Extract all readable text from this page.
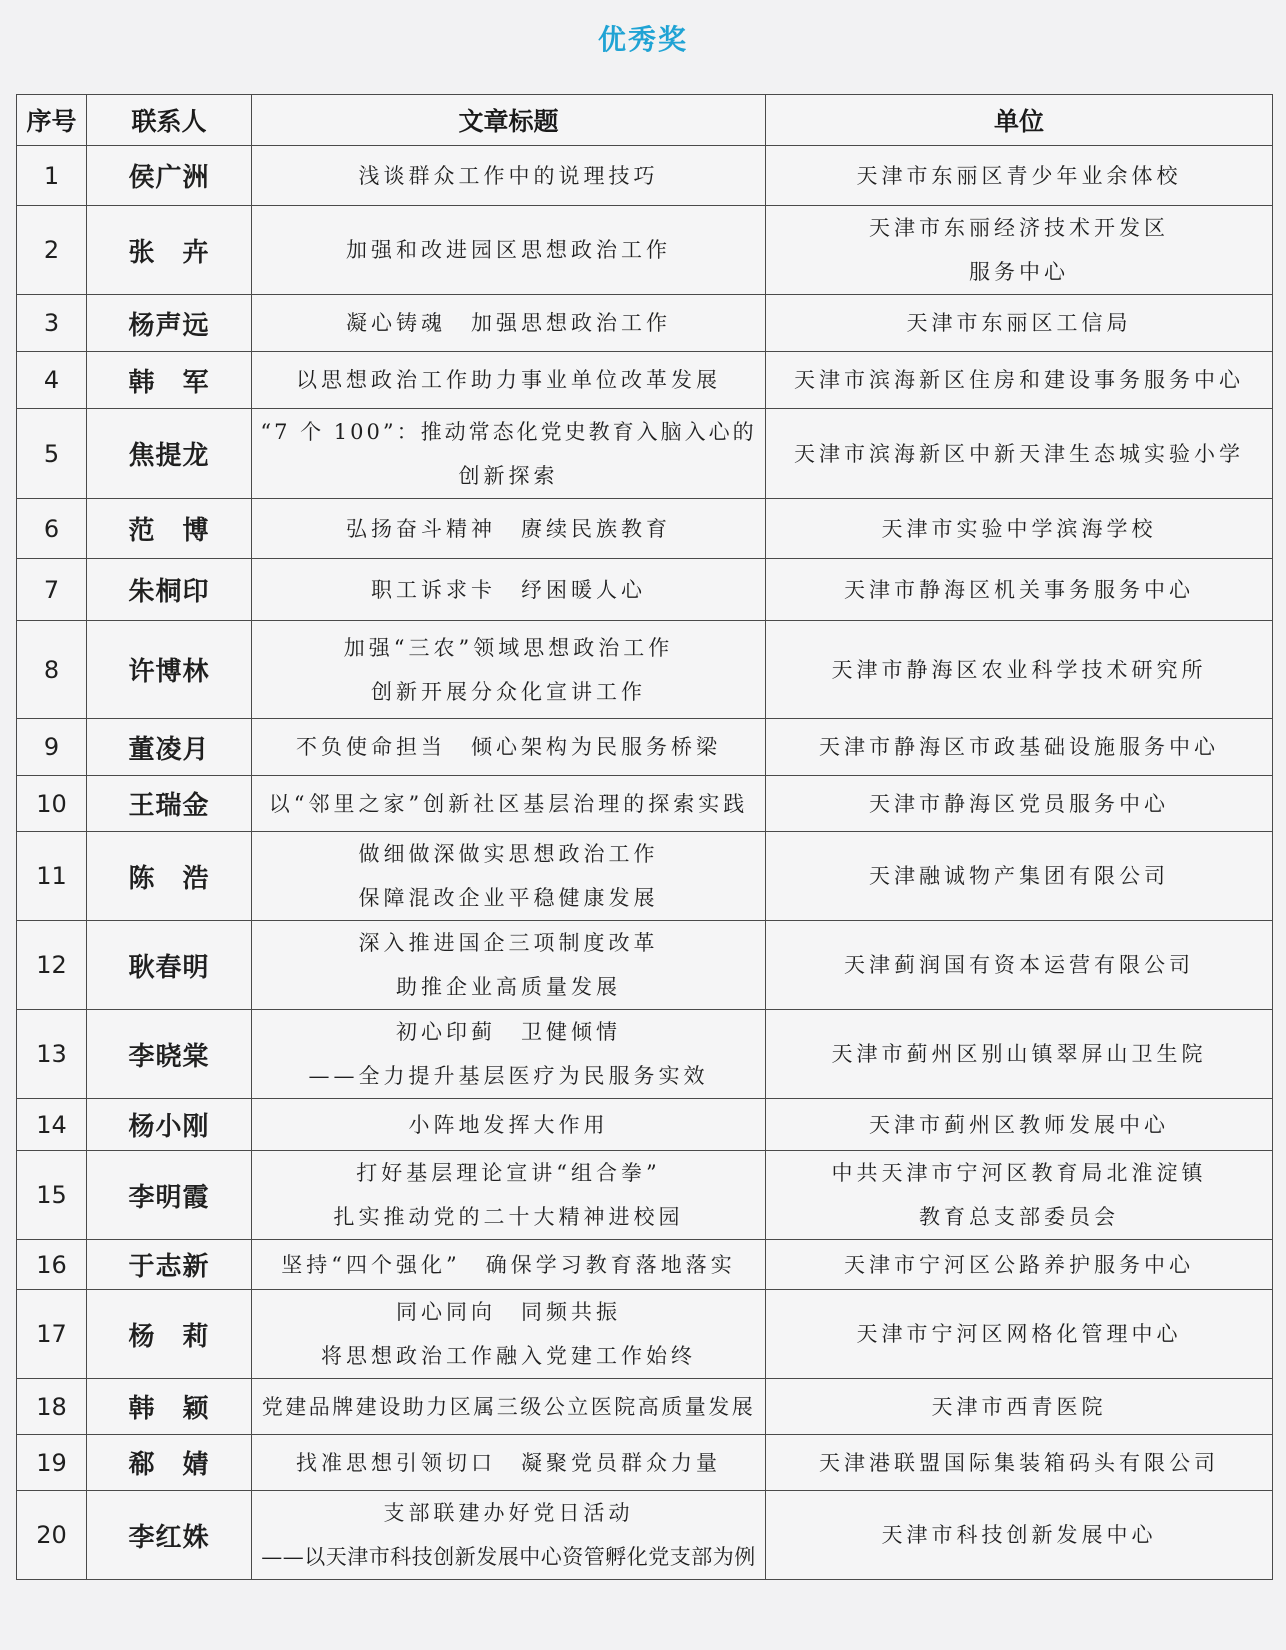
优秀奖
序号	联系人	文章标题	单位
1	侯广洲	浅谈群众工作中的说理技巧	天津市东丽区青少年业余体校

2	张　卉	加强和改进园区思想政治工作	天津市东丽经济技术开发区
服务中心

3	杨声远	凝心铸魂　加强思想政治工作	天津市东丽区工信局

4	韩　军	以思想政治工作助力事业单位改革发展	天津市滨海新区住房和建设事务服务中心

5	焦提龙	“7 个 100”：推动常态化党史教育入脑入心的
创新探索	天津市滨海新区中新天津生态城实验小学

6	范　博	弘扬奋斗精神　赓续民族教育	天津市实验中学滨海学校

7	朱桐印	职工诉求卡　纾困暖人心	天津市静海区机关事务服务中心

8	许博林	加强“三农”领域思想政治工作
创新开展分众化宣讲工作	天津市静海区农业科学技术研究所

9	董凌月	不负使命担当　倾心架构为民服务桥梁	天津市静海区市政基础设施服务中心

10	王瑞金	以“邻里之家”创新社区基层治理的探索实践	天津市静海区党员服务中心

11	陈　浩	做细做深做实思想政治工作
保障混改企业平稳健康发展	天津融诚物产集团有限公司

12	耿春明	深入推进国企三项制度改革
助推企业高质量发展	天津蓟润国有资本运营有限公司

13	李晓棠	初心印蓟　卫健倾情
——全力提升基层医疗为民服务实效	天津市蓟州区别山镇翠屏山卫生院

14	杨小刚	小阵地发挥大作用	天津市蓟州区教师发展中心

15	李明霞	打好基层理论宣讲“组合拳”
扎实推动党的二十大精神进校园	中共天津市宁河区教育局北淮淀镇
教育总支部委员会

16	于志新	坚持“四个强化”　确保学习教育落地落实	天津市宁河区公路养护服务中心

17	杨　莉	同心同向　同频共振
将思想政治工作融入党建工作始终	天津市宁河区网格化管理中心

18	韩　颖	党建品牌建设助力区属三级公立医院高质量发展	天津市西青医院

19	郗　婧	找准思想引领切口　凝聚党员群众力量	天津港联盟国际集装箱码头有限公司

20	李红姝	支部联建办好党日活动
——以天津市科技创新发展中心资管孵化党支部为例	天津市科技创新发展中心
